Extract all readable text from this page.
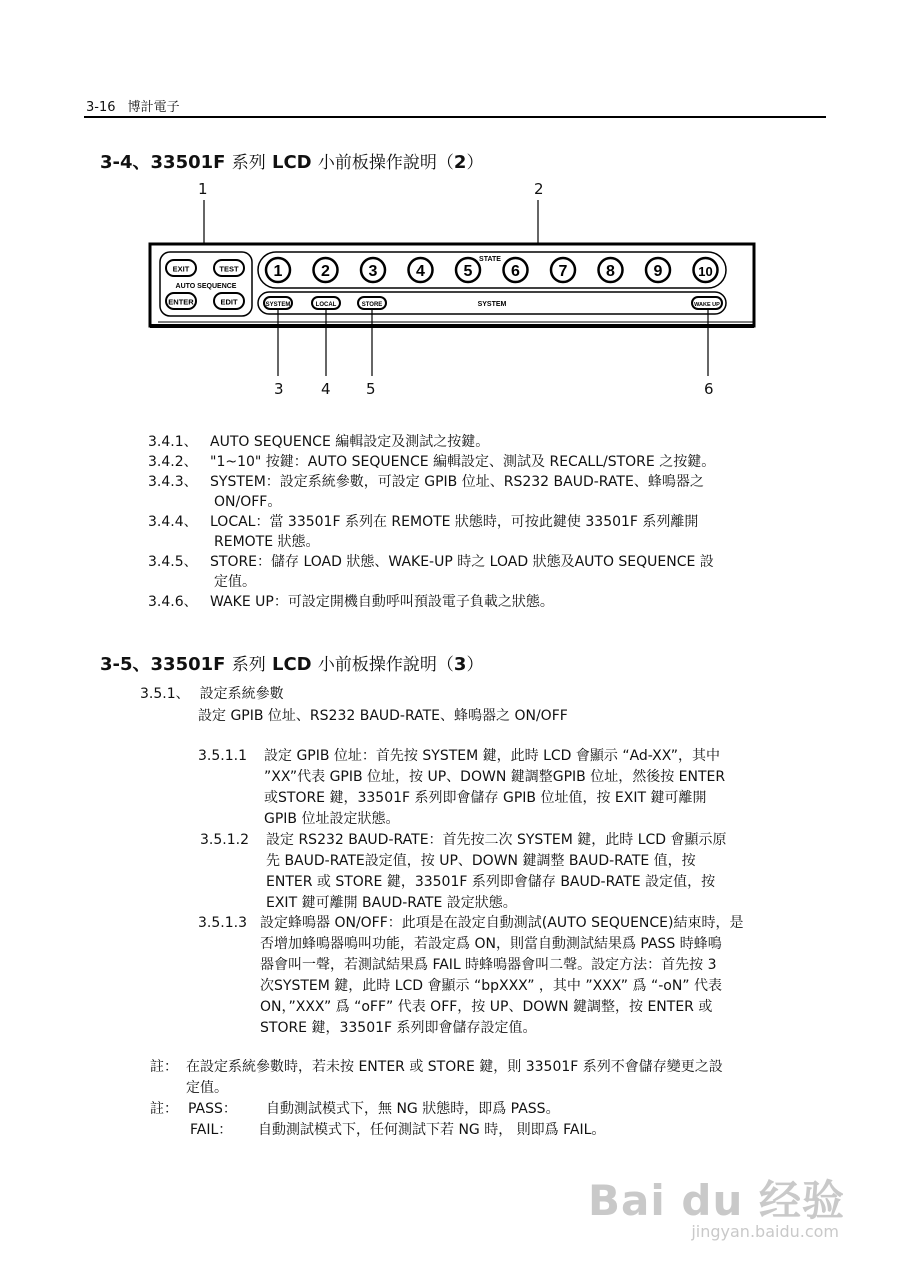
3-16 博計電子
3-4、33501F 系列 LCD 小前板操作說明（2）
1	2
3 4 5	6
EXIT	TEST
AUTO SEQUENCE
ENTER	EDIT
STATE
1 2 3 4 5 6 7 8 9	10
SYSTEM	LOCAL	STORE	SYSTEM	WAKE UP
3.4.1、 AUTO SEQUENCE 編輯設定及測試之按鍵。
3.4.2、 "1~10" 按鍵：AUTO SEQUENCE 編輯設定、測試及 RECALL/STORE 之按鍵。
3.4.3、 SYSTEM：設定系統參數，可設定 GPIB 位址、RS232 BAUD-RATE、蜂鳴器之
ON/OFF。
3.4.4、 LOCAL：當 33501F 系列在 REMOTE 狀態時，可按此鍵使 33501F 系列離開
REMOTE 狀態。
3.4.5、 STORE：儲存 LOAD 狀態、WAKE-UP 時之 LOAD 狀態及AUTO SEQUENCE 設
定值。
3.4.6、 WAKE UP：可設定開機自動呼叫預設電子負載之狀態。
3-5、33501F 系列 LCD 小前板操作說明（3）
3.5.1、 設定系統參數
設定 GPIB 位址、RS232 BAUD-RATE、蜂鳴器之 ON/OFF
3.5.1.1 設定 GPIB 位址：首先按 SYSTEM 鍵，此時 LCD 會顯示 “Ad-XX”，其中
”XX”代表 GPIB 位址，按 UP、DOWN 鍵調整GPIB 位址，然後按 ENTER
或STORE 鍵，33501F 系列即會儲存 GPIB 位址值，按 EXIT 鍵可離開
GPIB 位址設定狀態。
3.5.1.2 設定 RS232 BAUD-RATE：首先按二次 SYSTEM 鍵，此時 LCD 會顯示原
先 BAUD-RATE設定值，按 UP、DOWN 鍵調整 BAUD-RATE 值，按
ENTER 或 STORE 鍵，33501F 系列即會儲存 BAUD-RATE 設定值，按
EXIT 鍵可離開 BAUD-RATE 設定狀態。
3.5.1.3 設定蜂鳴器 ON/OFF：此項是在設定自動測試(AUTO SEQUENCE)結束時，是
否增加蜂鳴器鳴叫功能，若設定爲 ON，則當自動測試結果爲 PASS 時蜂鳴
器會叫一聲，若測試結果爲 FAIL 時蜂鳴器會叫二聲。設定方法：首先按 3
次SYSTEM 鍵，此時 LCD 會顯示 “bpXXX” ，其中 ”XXX” 爲 “-oN” 代表
ON，”XXX” 爲 “oFF” 代表 OFF，按 UP、DOWN 鍵調整，按 ENTER 或
STORE 鍵，33501F 系列即會儲存設定值。
註： 在設定系統參數時，若未按 ENTER 或 STORE 鍵，則 33501F 系列不會儲存變更之設
定值。
註： PASS： 自動測試模式下，無 NG 狀態時，即爲 PASS。
FAIL： 自動測試模式下，任何測試下若 NG 時， 則即爲 FAIL。
Bai du 经验
jingyan.baidu.com
